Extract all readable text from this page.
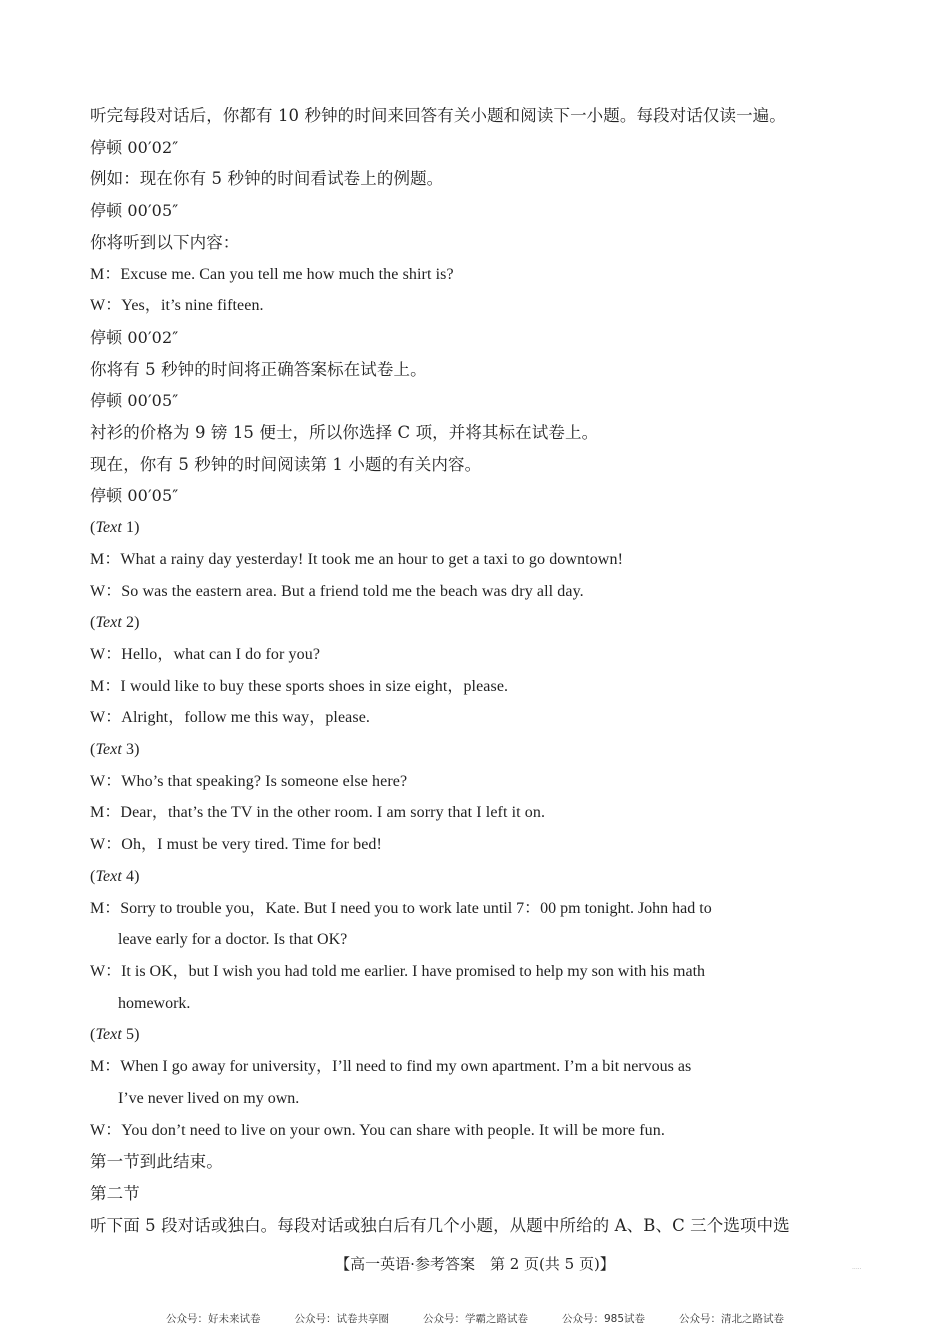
听完每段对话后，你都有 10 秒钟的时间来回答有关小题和阅读下一小题。每段对话仅读一遍。
停顿 00′02″
例如：现在你有 5 秒钟的时间看试卷上的例题。
停顿 00′05″
你将听到以下内容：
M：Excuse me. Can you tell me how much the shirt is?
W：Yes，it’s nine fifteen.
停顿 00′02″
你将有 5 秒钟的时间将正确答案标在试卷上。
停顿 00′05″
衬衫的价格为 9 镑 15 便士，所以你选择 C 项，并将其标在试卷上。
现在，你有 5 秒钟的时间阅读第 1 小题的有关内容。
停顿 00′05″
(Text 1)
M：What a rainy day yesterday! It took me an hour to get a taxi to go downtown!
W：So was the eastern area. But a friend told me the beach was dry all day.
(Text 2)
W：Hello，what can I do for you?
M：I would like to buy these sports shoes in size eight，please.
W：Alright，follow me this way，please.
(Text 3)
W：Who’s that speaking? Is someone else here?
M：Dear，that’s the TV in the other room. I am sorry that I left it on.
W：Oh，I must be very tired. Time for bed!
(Text 4)
M：Sorry to trouble you，Kate. But I need you to work late until 7：00 pm tonight. John had to
leave early for a doctor. Is that OK?
W：It is OK，but I wish you had told me earlier. I have promised to help my son with his math
homework.
(Text 5)
M：When I go away for university，I’ll need to find my own apartment. I’m a bit nervous as
I’ve never lived on my own.
W：You don’t need to live on your own. You can share with people. It will be more fun.
第一节到此结束。
第二节
听下面 5 段对话或独白。每段对话或独白后有几个小题，从题中所给的 A、B、C 三个选项中选
【高一英语·参考答案　第 2 页(共 5 页)】	.....
公众号：好未来试卷	公众号：试卷共享圈	公众号：学霸之路试卷	公众号：985试卷	公众号：清北之路试卷
